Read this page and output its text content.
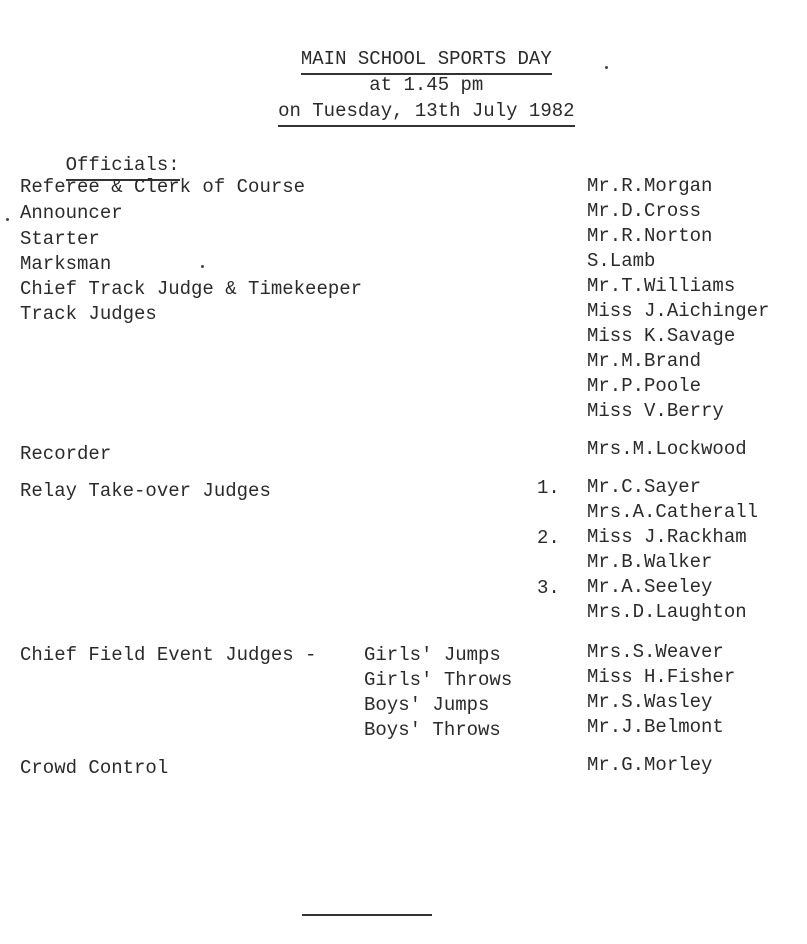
MAIN SCHOOL SPORTS DAY

at 1.45 pm

on Tuesday, 13th July 1982

Officials:

Referee & Clerk of Course
Announcer
Starter
Marksman
Chief Track Judge & Timekeeper
Track Judges
Recorder
Relay Take-over Judges
Chief Field Event Judges -
Crowd Control
Girls' Jumps
Girls' Throws
Boys' Jumps
Boys' Throws
1.
2.
3.
Mr.R.Morgan
Mr.D.Cross
Mr.R.Norton
S.Lamb
Mr.T.Williams
Miss J.Aichinger
Miss K.Savage
Mr.M.Brand
Mr.P.Poole
Miss V.Berry
Mrs.M.Lockwood
Mr.C.Sayer
Mrs.A.Catherall
Miss J.Rackham
Mr.B.Walker
Mr.A.Seeley
Mrs.D.Laughton
Mrs.S.Weaver
Miss H.Fisher
Mr.S.Wasley
Mr.J.Belmont
Mr.G.Morley
